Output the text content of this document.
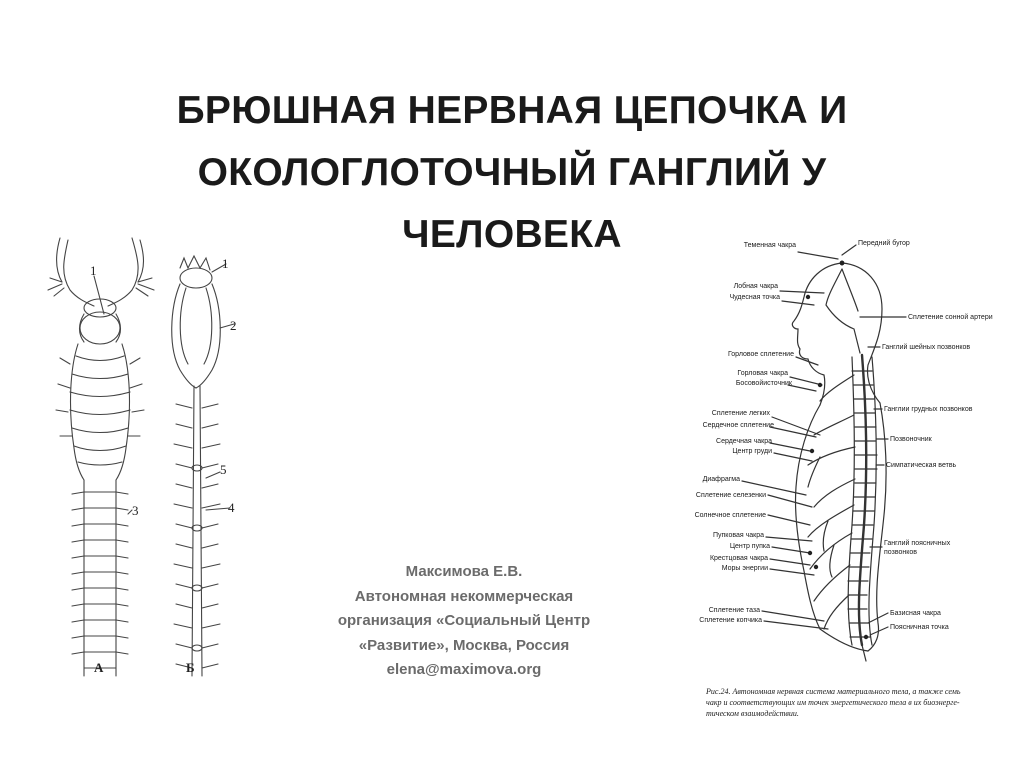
БРЮШНАЯ НЕРВНАЯ ЦЕПОЧКА И
ОКОЛОГЛОТОЧНЫЙ ГАНГЛИЙ У
ЧЕЛОВЕКА
1
3
1
2
5
4
А	Б
Теменная чакра
Лобная чакра
Чудесная точка
Горловое сплетение
Горловая чакра
Босовойисточник
Сплетение легких
Сердечное сплетение
Сердечная чакра
Центр груди
Диафрагма
Сплетение селезенки
Солнечное сплетение
Пупковая чакра
Центр пупка
Крестцовая чакра
Моры энергии
Сплетение таза
Сплетение копчика
Передний бугор
Сплетение сонной артерии
Ганглий шейных позвонков
Ганглии грудных позвонков
Позвоночник
Симпатическая ветвь
Ганглий поясничных
позвонков
Базисная чакра
Поясничная точка
Рис.24. Автономная нервная система материального тела, а также семь
чакр и соответствующих им точек энергетического тела в их биоэнерге-
тическом взаимодействии.
Максимова Е.В.
Автономная некоммерческая
организация «Социальный Центр
«Развитие», Москва, Россия
elena@maximova.org
